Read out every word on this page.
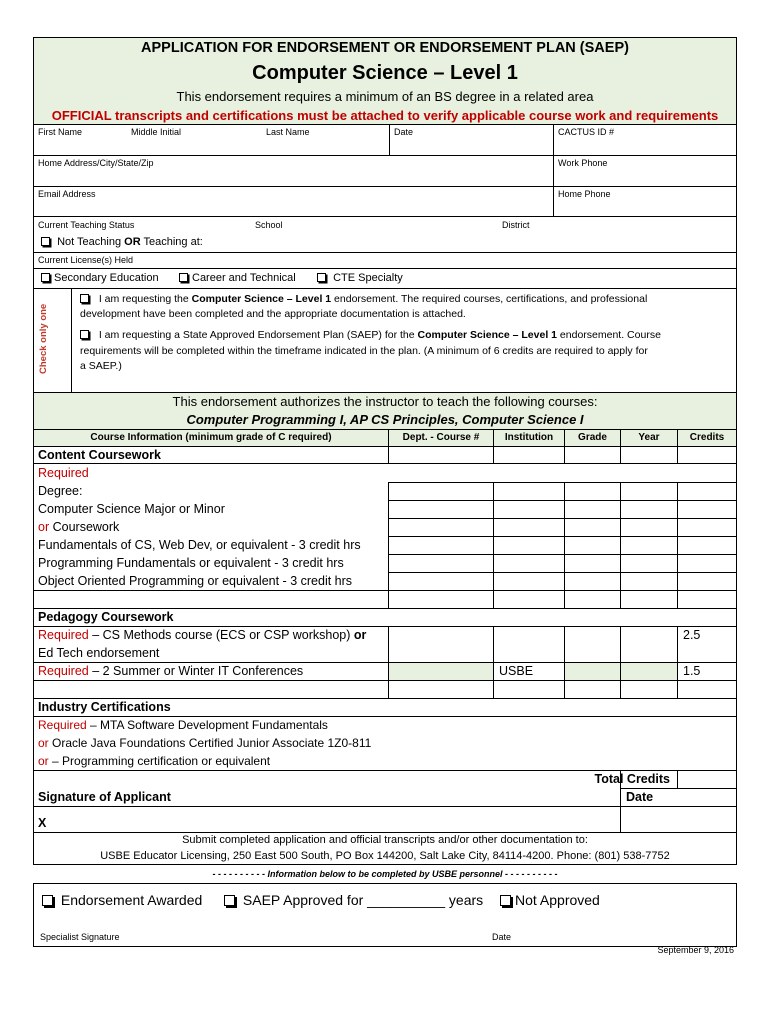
APPLICATION FOR ENDORSEMENT OR ENDORSEMENT PLAN (SAEP)
Computer Science – Level 1
This endorsement requires a minimum of an BS degree in a related area
OFFICIAL transcripts and certifications must be attached to verify applicable course work and requirements
First Name	Middle Initial	Last Name	Date	CACTUS ID #
Home Address/City/State/Zip	Work Phone
Email Address	Home Phone
Current Teaching Status	School	District
Not Teaching OR Teaching at:
Current License(s) Held
Secondary Education	Career and Technical	CTE Specialty
Check only one
I am requesting the Computer Science – Level 1 endorsement. The required courses, certifications, and professional
development have been completed and the appropriate documentation is attached.
I am requesting a State Approved Endorsement Plan (SAEP) for the Computer Science – Level 1 endorsement. Course
requirements will be completed within the timeframe indicated in the plan. (A minimum of 6 credits are required to apply for
a SAEP.)
This endorsement authorizes the instructor to teach the following courses:
Computer Programming I, AP CS Principles, Computer Science I
Course Information (minimum grade of C required)	Dept. - Course #	Institution	Grade	Year	Credits
Content Coursework
Required
Degree:
Computer Science Major or Minor
or Coursework
Fundamentals of CS, Web Dev, or equivalent - 3 credit hrs
Programming Fundamentals or equivalent - 3 credit hrs
Object Oriented Programming or equivalent - 3 credit hrs
Pedagogy Coursework
Required – CS Methods course (ECS or CSP workshop) or
Ed Tech endorsement
2.5
Required – 2 Summer or Winter IT Conferences	USBE	1.5
Industry Certifications
Required – MTA Software Development Fundamentals
or Oracle Java Foundations Certified Junior Associate 1Z0-811
or – Programming certification or equivalent
Total Credits
Signature of Applicant	Date
X
Submit completed application and official transcripts and/or other documentation to:
USBE Educator Licensing, 250 East 500 South, PO Box 144200, Salt Lake City, 84114-4200. Phone: (801) 538-7752
- - - - - - - - - - Information below to be completed by USBE personnel - - - - - - - - - -
Endorsement Awarded	SAEP Approved for __________ years	Not Approved
Specialist Signature	Date
September 9, 2016
